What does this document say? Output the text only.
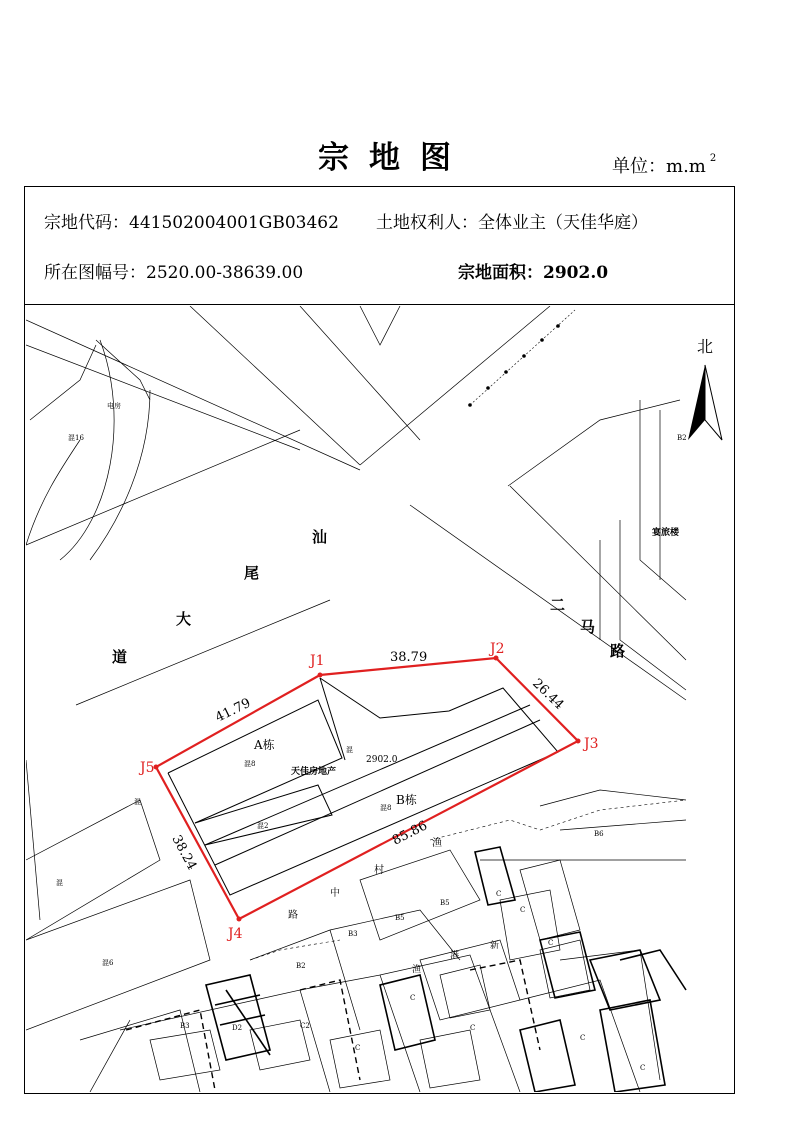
宗地图	单位：m.m $^2$
宗地代码：441502004001GB03462 土地权利人：全体业主（天佳华庭）
所在图幅号：2520.00-38639.00	宗地面积：2902.0
J1
J2
J3
J4
J5
38.79
26.44
85.86
38.24
41.79
2902.0
A栋
B栋
天佳房地产
混8
混2
混8
混
汕
尾
大
道
二
马
路
渔
村
中
路
北
混16
电房
混
混6
混
宴旅楼
B2
渔
港
新
B5
B5
B3
B2
B3	D2	C2
C
C
C
C
C
C
C
C
B6
